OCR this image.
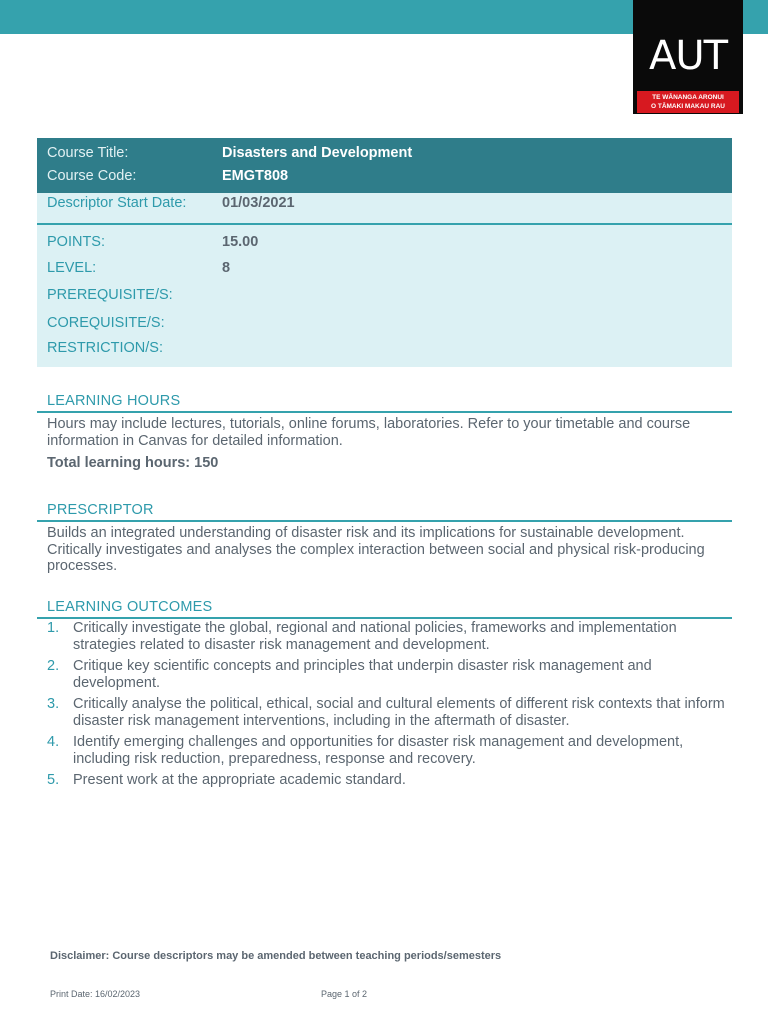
AUT
TE WĀNANGA ARONUI
O TĀMAKI MAKAU RAU
Course Title:	Disasters and Development
Course Code:	EMGT808
Descriptor Start Date: 01/03/2021
POINTS:	15.00
LEVEL:	8
PREREQUISITE/S:
COREQUISITE/S:
RESTRICTION/S:
LEARNING HOURS

Hours may include lectures, tutorials, online forums, laboratories. Refer to your timetable and course information in Canvas for detailed information.

Total learning hours: 150

PRESCRIPTOR

Builds an integrated understanding of disaster risk and its implications for sustainable development. Critically investigates and analyses the complex interaction between social and physical risk-producing processes.

LEARNING OUTCOMES
1. Critically investigate the global, regional and national policies, frameworks and implementation strategies related to disaster risk management and development.
2. Critique key scientific concepts and principles that underpin disaster risk management and development.
3. Critically analyse the political, ethical, social and cultural elements of different risk contexts that inform disaster risk management interventions, including in the aftermath of disaster.
4. Identify emerging challenges and opportunities for disaster risk management and development, including risk reduction, preparedness, response and recovery.
5. Present work at the appropriate academic standard.
Disclaimer: Course descriptors may be amended between teaching periods/semesters
Print Date: 16/02/2023	Page 1 of 2
